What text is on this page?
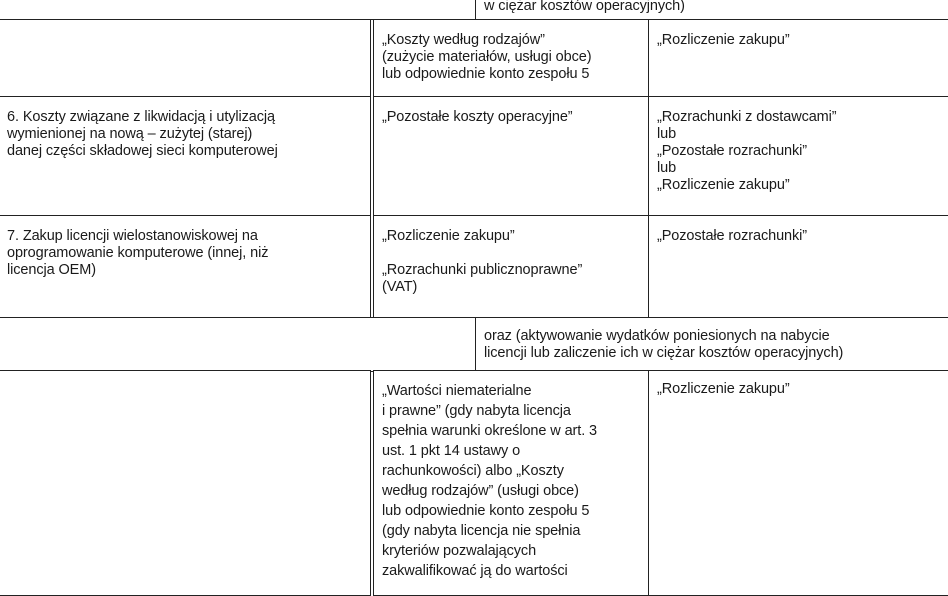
w ciężar kosztów operacyjnych)
„Koszty według rodzajów”
(zużycie materiałów, usługi obce)
lub odpowiednie konto zespołu 5
„Rozliczenie zakupu”
6. Koszty związane z likwidacją i utylizacją
wymienionej na nową – zużytej (starej)
danej części składowej sieci komputerowej
„Pozostałe koszty operacyjne”	„Rozrachunki z dostawcami”
lub
„Pozostałe rozrachunki”
lub
„Rozliczenie zakupu”
7. Zakup licencji wielostanowiskowej na
oprogramowanie komputerowe (innej, niż
licencja OEM)
„Rozliczenie zakupu”

„Rozrachunki publicznoprawne”
(VAT)
„Pozostałe rozrachunki”
oraz (aktywowanie wydatków poniesionych na nabycie
licencji lub zaliczenie ich w ciężar kosztów operacyjnych)
„Wartości niematerialne
i prawne” (gdy nabyta licencja
spełnia warunki określone w art. 3
ust. 1 pkt 14 ustawy o
rachunkowości) albo „Koszty
według rodzajów” (usługi obce)
lub odpowiednie konto zespołu 5
(gdy nabyta licencja nie spełnia
kryteriów pozwalających
zakwalifikować ją do wartości
„Rozliczenie zakupu”
